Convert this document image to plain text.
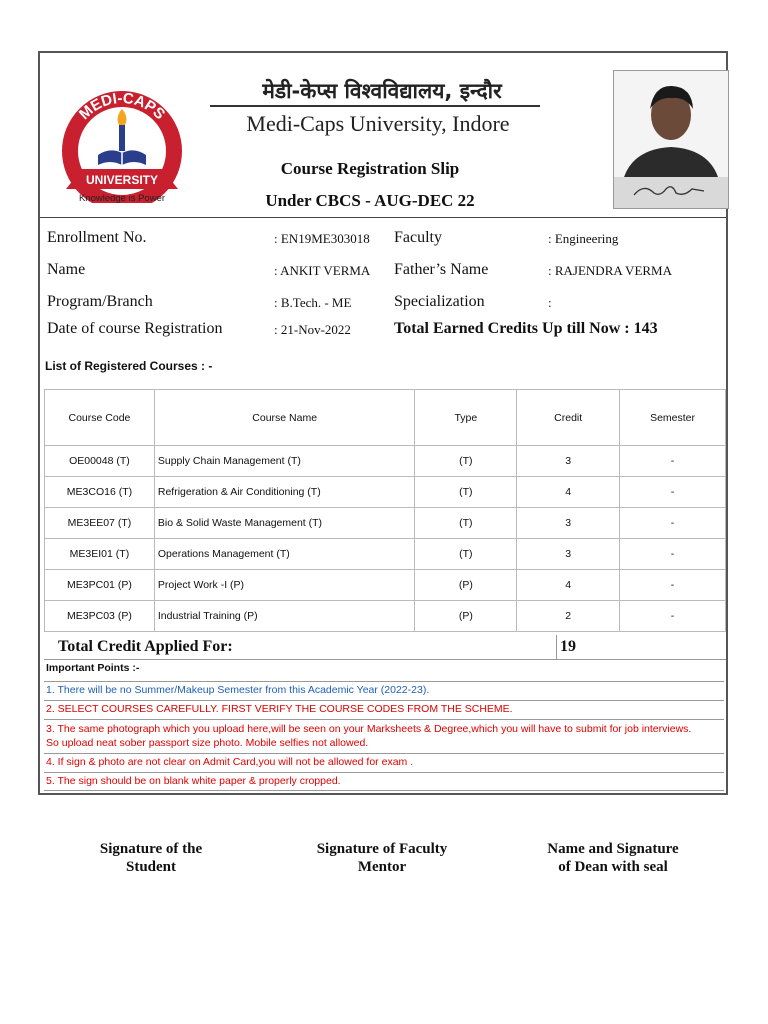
MEDI-CAPS
UNIVERSITY
Knowledge is Power
मेडी-केप्स विश्वविद्यालय, इन्दौर
Medi-Caps University, Indore
Course Registration Slip
Under CBCS - AUG-DEC 22
Enrollment No.	: EN19ME303018 Faculty	: Engineering
Name	: ANKIT VERMA Father’s Name	: RAJENDRA VERMA
Program/Branch	: B.Tech. - ME	Specialization	:
Date of course Registration	: 21-Nov-2022	Total Earned Credits Up till Now : 143
List of Registered Courses : -
Course Code	Course Name	Type	Credit	Semester
OE00048 (T)	Supply Chain Management (T)	(T)	3	-
ME3CO16 (T)	Refrigeration & Air Conditioning (T)	(T)	4	-
ME3EE07 (T)	Bio & Solid Waste Management (T)	(T)	3	-
ME3EI01 (T)	Operations Management (T)	(T)	3	-
ME3PC01 (P)	Project Work -I (P)	(P)	4	-
ME3PC03 (P)	Industrial Training (P)	(P)	2	-
Total Credit Applied For:	19
Important Points :-
1. There will be no Summer/Makeup Semester from this Academic Year (2022-23).
2. SELECT COURSES CAREFULLY. FIRST VERIFY THE COURSE CODES FROM THE SCHEME.
3. The same photograph which you upload here,will be seen on your Marksheets & Degree,which you will have to submit for job interviews.
So upload neat sober passport size photo. Mobile selfies not allowed.
4. If sign & photo are not clear on Admit Card,you will not be allowed for exam .
5. The sign should be on blank white paper & properly cropped.
Signature of the
Student
Signature of Faculty
Mentor
Name and Signature
of Dean with seal
